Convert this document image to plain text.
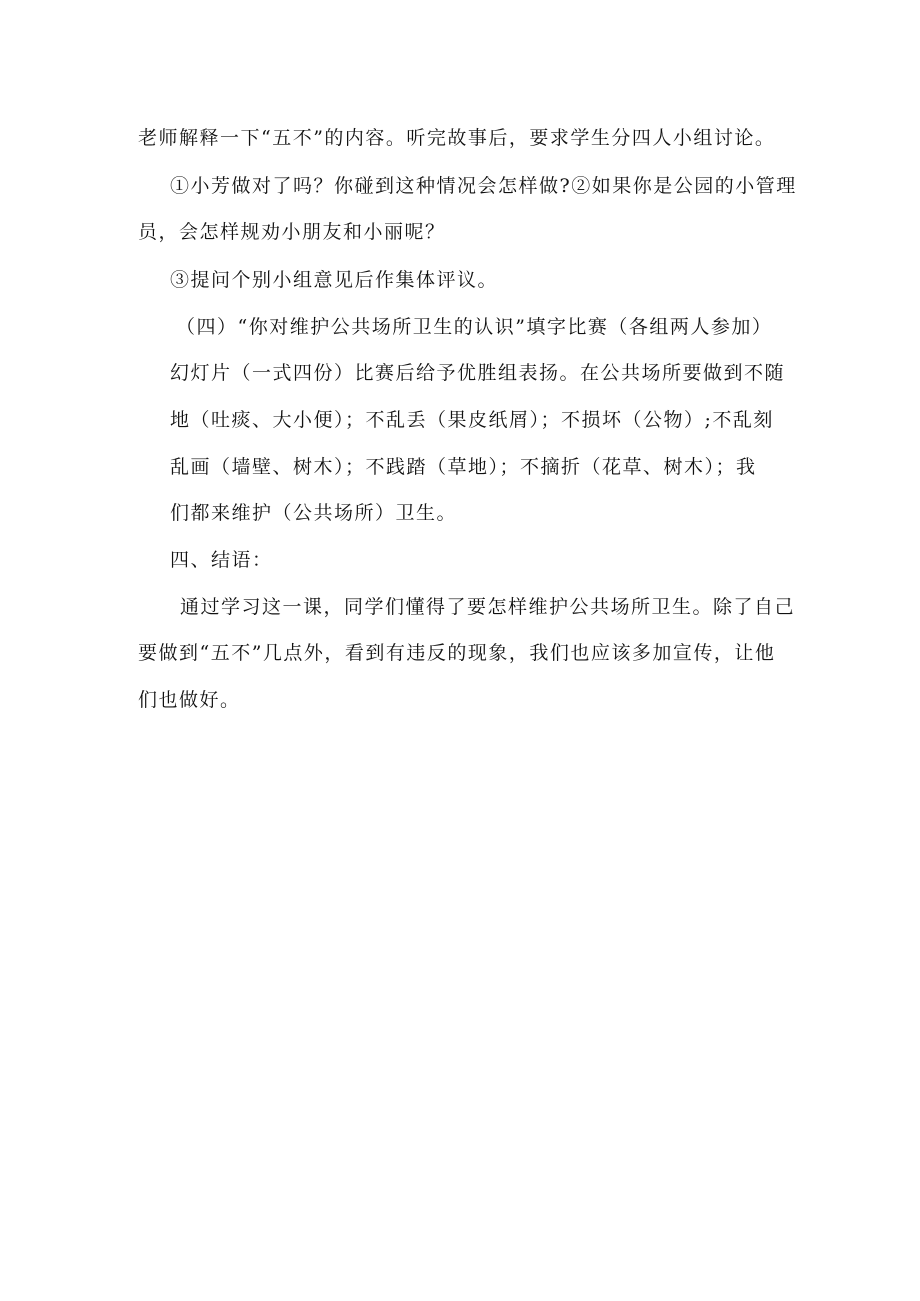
老师解释一下“五不”的内容。听完故事后，要求学生分四人小组讨论。
①小芳做对了吗？你碰到这种情况会怎样做?②如果你是公园的小管理
员，会怎样规劝小朋友和小丽呢？
③提问个别小组意见后作集体评议。
（四）“你对维护公共场所卫生的认识”填字比赛（各组两人参加）
幻灯片（一式四份）比赛后给予优胜组表扬。在公共场所要做到不随
地（吐痰、大小便）；不乱丢（果皮纸屑）；不损坏（公物）;不乱刻
乱画（墙壁、树木）；不践踏（草地）；不摘折（花草、树木）；我
们都来维护（公共场所）卫生。
四、结语：
通过学习这一课，同学们懂得了要怎样维护公共场所卫生。除了自己
要做到“五不”几点外，看到有违反的现象，我们也应该多加宣传，让他
们也做好。
